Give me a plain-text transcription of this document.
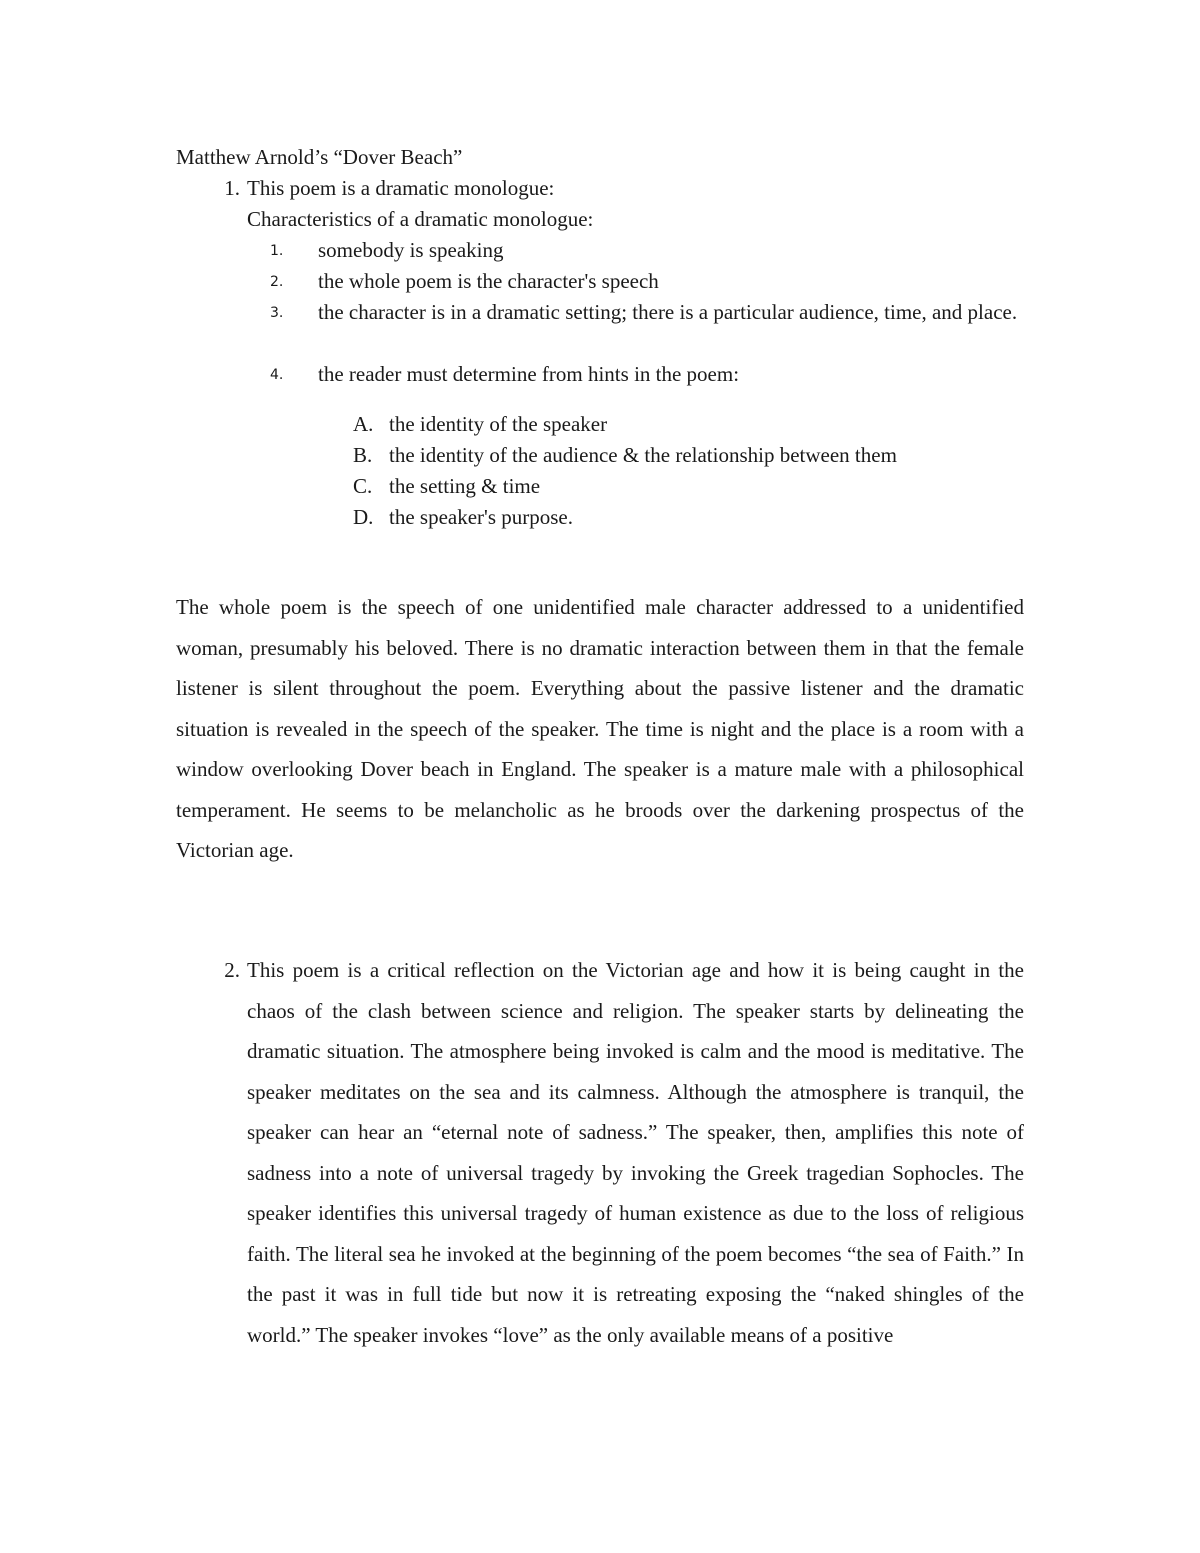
Matthew Arnold’s “Dover Beach”
1. This poem is a dramatic monologue:
Characteristics of a dramatic monologue:
1.	somebody is speaking
2.	the whole poem is the character's speech
3.	the character is in a dramatic setting; there is a particular audience, time, and place.
4.	the reader must determine from hints in the poem:
A. the identity of the speaker
B. the identity of the audience & the relationship between them
C. the setting & time
D. the speaker's purpose.

The whole poem is the speech of one unidentified male character addressed to a unidentified woman, presumably his beloved. There is no dramatic interaction between them in that the female listener is silent throughout the poem. Everything about the passive listener and the dramatic situation is revealed in the speech of the speaker. The time is night and the place is a room with a window overlooking Dover beach in England. The speaker is a mature male with a philosophical temperament. He seems to be melancholic as he broods over the darkening prospectus of the Victorian age.

2. This poem is a critical reflection on the Victorian age and how it is being caught in the chaos of the clash between science and religion. The speaker starts by delineating the dramatic situation. The atmosphere being invoked is calm and the mood is meditative. The speaker meditates on the sea and its calmness. Although the atmosphere is tranquil, the speaker can hear an “eternal note of sadness.” The speaker, then, amplifies this note of sadness into a note of universal tragedy by invoking the Greek tragedian Sophocles. The speaker identifies this universal tragedy of human existence as due to the loss of religious faith. The literal sea he invoked at the beginning of the poem becomes “the sea of Faith.” In the past it was in full tide but now it is retreating exposing the “naked shingles of the world.” The speaker invokes “love” as the only available means of a positive
